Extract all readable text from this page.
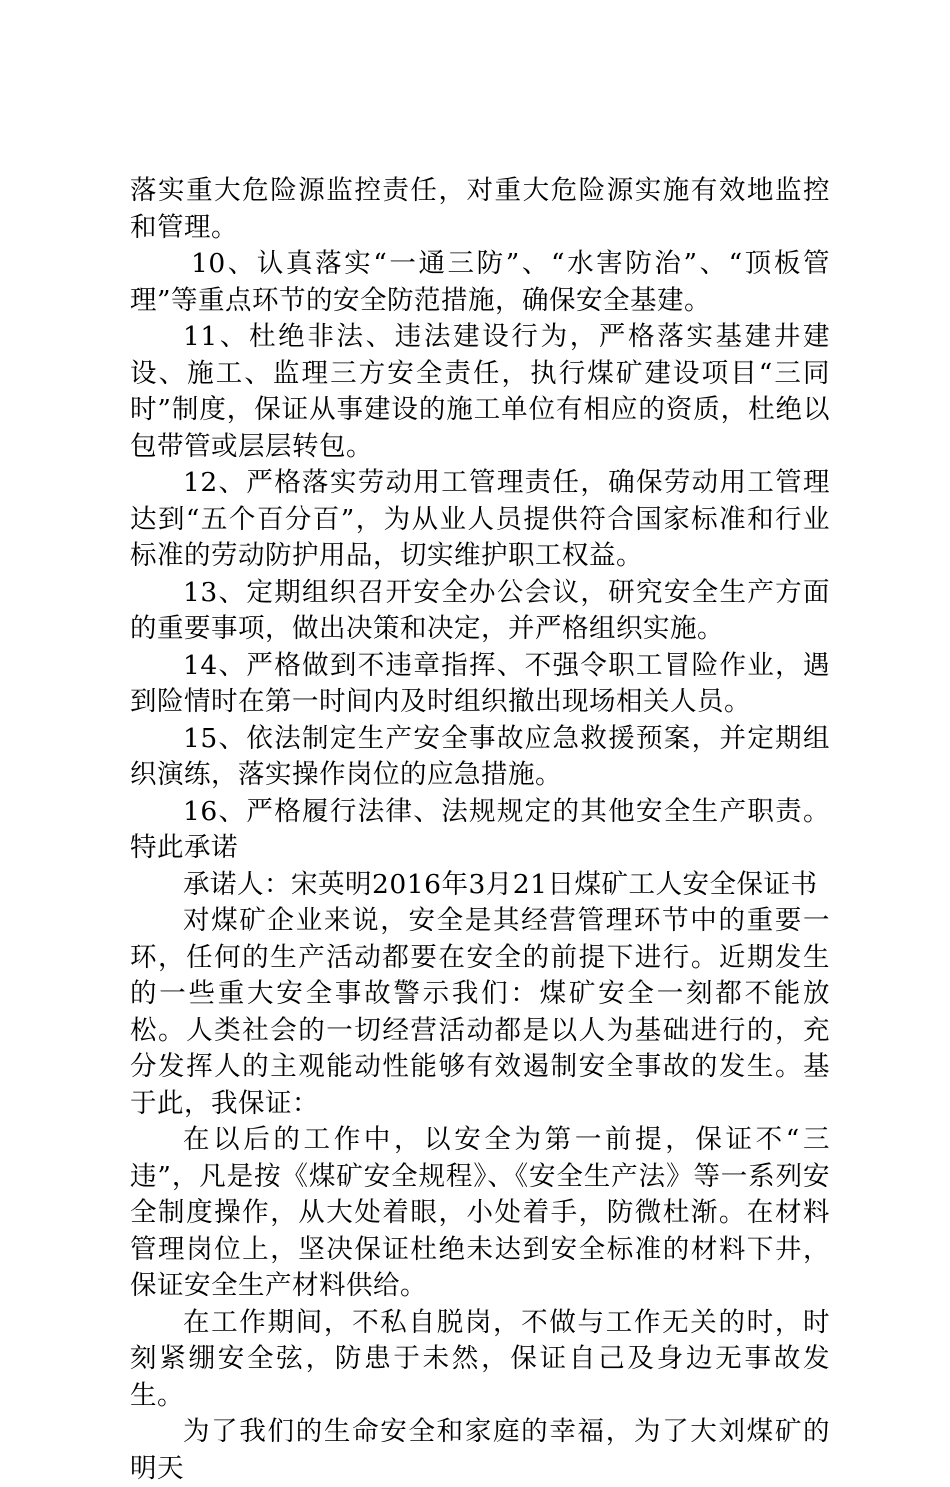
落实重大危险源监控责任，对重大危险源实施有效地监控和管理。

10、认真落实“一通三防”、“水害防治”、“顶板管理”等重点环节的安全防范措施，确保安全基建。

11、杜绝非法、违法建设行为，严格落实基建井建设、施工、监理三方安全责任，执行煤矿建设项目“三同时”制度，保证从事建设的施工单位有相应的资质，杜绝以包带管或层层转包。

12、严格落实劳动用工管理责任，确保劳动用工管理达到“五个百分百”，为从业人员提供符合国家标准和行业标准的劳动防护用品，切实维护职工权益。

13、定期组织召开安全办公会议，研究安全生产方面的重要事项，做出决策和决定，并严格组织实施。

14、严格做到不违章指挥、不强令职工冒险作业，遇到险情时在第一时间内及时组织撤出现场相关人员。

15、依法制定生产安全事故应急救援预案，并定期组织演练，落实操作岗位的应急措施。

16、严格履行法律、法规规定的其他安全生产职责。特此承诺

承诺人：宋英明2016年3月21日煤矿工人安全保证书

对煤矿企业来说，安全是其经营管理环节中的重要一环，任何的生产活动都要在安全的前提下进行。近期发生的一些重大安全事故警示我们：煤矿安全一刻都不能放松。人类社会的一切经营活动都是以人为基础进行的，充分发挥人的主观能动性能够有效遏制安全事故的发生。基于此，我保证：

在以后的工作中，以安全为第一前提，保证不“三违”，凡是按《煤矿安全规程》、《安全生产法》等一系列安全制度操作，从大处着眼，小处着手，防微杜渐。在材料管理岗位上，坚决保证杜绝未达到安全标准的材料下井，保证安全生产材料供给。

在工作期间，不私自脱岗，不做与工作无关的时，时刻紧绷安全弦，防患于未然，保证自己及身边无事故发生。

为了我们的生命安全和家庭的幸福，为了大刘煤矿的明天
